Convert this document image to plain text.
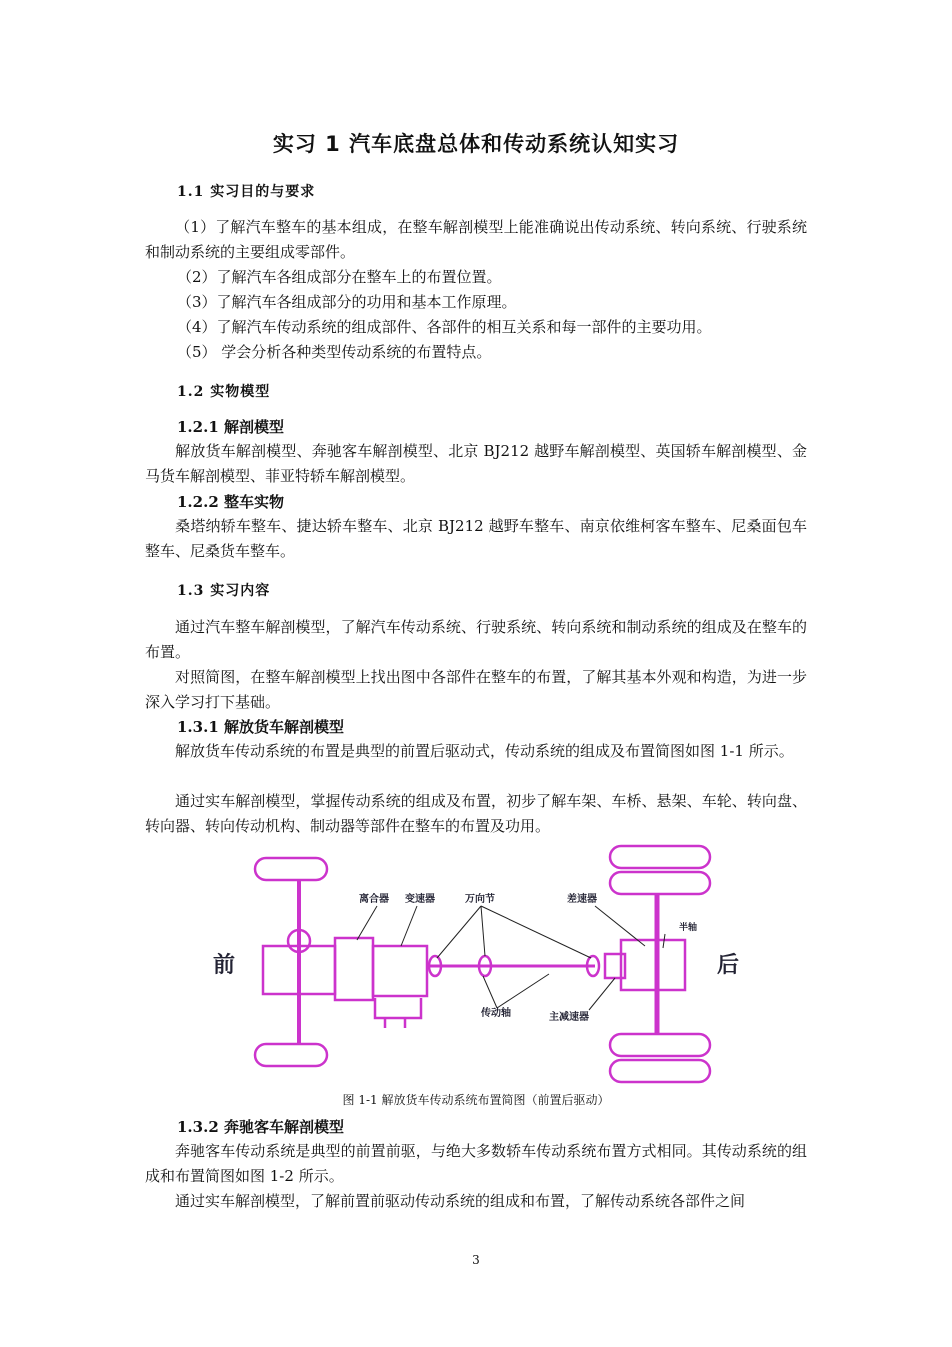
实习 1 汽车底盘总体和传动系统认知实习
1.1 实习目的与要求
（1）了解汽车整车的基本组成，在整车解剖模型上能准确说出传动系统、转向系统、行驶系统和制动系统的主要组成零部件。
（2）了解汽车各组成部分在整车上的布置位置。
（3）了解汽车各组成部分的功用和基本工作原理。
（4）了解汽车传动系统的组成部件、各部件的相互关系和每一部件的主要功用。
（5） 学会分析各种类型传动系统的布置特点。
1.2 实物模型
1.2.1 解剖模型
解放货车解剖模型、奔驰客车解剖模型、北京 BJ212 越野车解剖模型、英国轿车解剖模型、金马货车解剖模型、菲亚特轿车解剖模型。
1.2.2 整车实物
桑塔纳轿车整车、捷达轿车整车、北京 BJ212 越野车整车、南京依维柯客车整车、尼桑面包车整车、尼桑货车整车。
1.3 实习内容
通过汽车整车解剖模型，了解汽车传动系统、行驶系统、转向系统和制动系统的组成及在整车的布置。
对照简图，在整车解剖模型上找出图中各部件在整车的布置，了解其基本外观和构造，为进一步深入学习打下基础。
1.3.1 解放货车解剖模型
解放货车传动系统的布置是典型的前置后驱动式，传动系统的组成及布置简图如图 1-1 所示。
通过实车解剖模型，掌握传动系统的组成及布置，初步了解车架、车桥、悬架、车轮、转向盘、转向器、转向传动机构、制动器等部件在整车的布置及功用。
前	后
离合器 变速器	万向节	差速器
半轴
传动轴	主减速器
图 1-1 解放货车传动系统布置简图（前置后驱动）
1.3.2 奔驰客车解剖模型
奔驰客车传动系统是典型的前置前驱，与绝大多数轿车传动系统布置方式相同。其传动系统的组成和布置简图如图 1-2 所示。
通过实车解剖模型，了解前置前驱动传动系统的组成和布置，了解传动系统各部件之间
3
